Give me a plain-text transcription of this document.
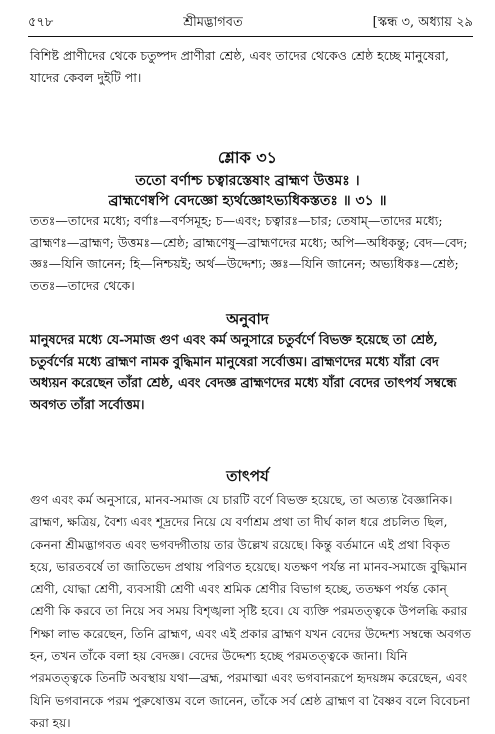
৫৭৮	শ্রীমদ্ভাগবত	[স্কন্ধ ৩, অধ্যায় ২৯

বিশিষ্ট প্রাণীদের থেকে চতুষ্পদ প্রাণীরা শ্রেষ্ঠ, এবং তাদের থেকেও শ্রেষ্ঠ হচ্ছে মানুষেরা, যাদের কেবল দুইটি পা।

শ্লোক ৩১
ততো বর্ণাশ্চ চত্বারস্তেষাং ব্রাহ্মণ উত্তমঃ ।
ব্রাহ্মণেষ্বপি বেদজ্ঞো হ্যর্থজ্ঞোঽভ্যধিকস্ততঃ ॥ ৩১ ॥

ততঃ—তাদের মধ্যে; বর্ণাঃ—বর্ণসমূহ; চ—এবং; চত্বারঃ—চার; তেষাম্—তাদের মধ্যে; ব্রাহ্মণঃ—ব্রাহ্মণ; উত্তমঃ—শ্রেষ্ঠ; ব্রাহ্মণেষু—ব্রাহ্মণদের মধ্যে; অপি—অধিকন্তু; বেদ—বেদ; জ্ঞঃ—যিনি জানেন; হি—নিশ্চয়ই; অর্থ—উদ্দেশ্য; জ্ঞঃ—যিনি জানেন; অভ্যধিকঃ—শ্রেষ্ঠ; ততঃ—তাদের থেকে।

অনুবাদ

মানুষদের মধ্যে যে-সমাজ গুণ এবং কর্ম অনুসারে চতুর্বর্ণে বিভক্ত হয়েছে তা শ্রেষ্ঠ, চতুর্বর্ণের মধ্যে ব্রাহ্মণ নামক বুদ্ধিমান মানুষেরা সর্বোত্তম। ব্রাহ্মণদের মধ্যে যাঁরা বেদ অধ্যয়ন করেছেন তাঁরা শ্রেষ্ঠ, এবং বেদজ্ঞ ব্রাহ্মণদের মধ্যে যাঁরা বেদের তাৎপর্য সম্বন্ধে অবগত তাঁরা সর্বোত্তম।

তাৎপর্য

গুণ এবং কর্ম অনুসারে, মানব-সমাজ যে চারটি বর্ণে বিভক্ত হয়েছে, তা অত্যন্ত বৈজ্ঞানিক। ব্রাহ্মণ, ক্ষত্রিয়, বৈশ্য এবং শূদ্রদের নিয়ে যে বর্ণাশ্রম প্রথা তা দীর্ঘ কাল ধরে প্রচলিত ছিল, কেননা শ্রীমদ্ভাগবত এবং ভগবদ্গীতায় তার উল্লেখ রয়েছে। কিন্তু বর্তমানে এই প্রথা বিকৃত হয়ে, ভারতবর্ষে তা জাতিভেদ প্রথায় পরিণত হয়েছে। যতক্ষণ পর্যন্ত না মানব-সমাজে বুদ্ধিমান শ্রেণী, যোদ্ধা শ্রেণী, ব্যবসায়ী শ্রেণী এবং শ্রমিক শ্রেণীর বিভাগ হচ্ছে, ততক্ষণ পর্যন্ত কোন্ শ্রেণী কি করবে তা নিয়ে সব সময় বিশৃঙ্খলা সৃষ্টি হবে। যে ব্যক্তি পরমতত্ত্বকে উপলব্ধি করার শিক্ষা লাভ করেছেন, তিনি ব্রাহ্মণ, এবং এই প্রকার ব্রাহ্মণ যখন বেদের উদ্দেশ্য সম্বন্ধে অবগত হন, তখন তাঁকে বলা হয় বেদজ্ঞ। বেদের উদ্দেশ্য হচ্ছে পরমতত্ত্বকে জানা। যিনি পরমতত্ত্বকে তিনটি অবস্থায় যথা—ব্রহ্ম, পরমাত্মা এবং ভগবানরূপে হৃদয়ঙ্গম করেছেন, এবং যিনি ভগবানকে পরম পুরুষোত্তম বলে জানেন, তাঁকে সর্ব শ্রেষ্ঠ ব্রাহ্মণ বা বৈষ্ণব বলে বিবেচনা করা হয়।
